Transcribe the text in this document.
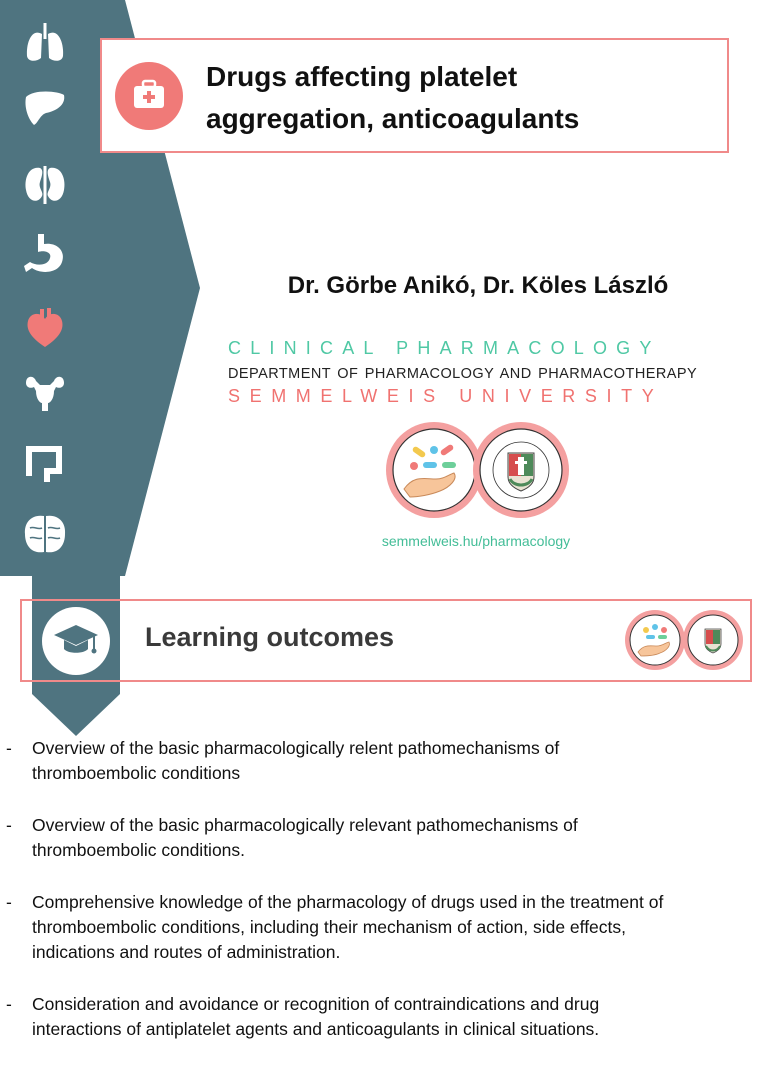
Drugs affecting platelet
aggregation, anticoagulants
Dr. Görbe Anikó, Dr. Köles László
CLINICAL PHARMACOLOGY
DEPARTMENT OF PHARMACOLOGY AND PHARMACOTHERAPY
SEMMELWEIS UNIVERSITY
semmelweis.hu/pharmacology
Learning outcomes
- Overview of the basic pharmacologically relent pathomechanisms of
thromboembolic conditions
- Overview of the basic pharmacologically relevant pathomechanisms of
thromboembolic conditions.
- Comprehensive knowledge of the pharmacology of drugs used in the treatment of
thromboembolic conditions, including their mechanism of action, side effects,
indications and routes of administration.
- Consideration and avoidance or recognition of contraindications and drug
interactions of antiplatelet agents and anticoagulants in clinical situations.
